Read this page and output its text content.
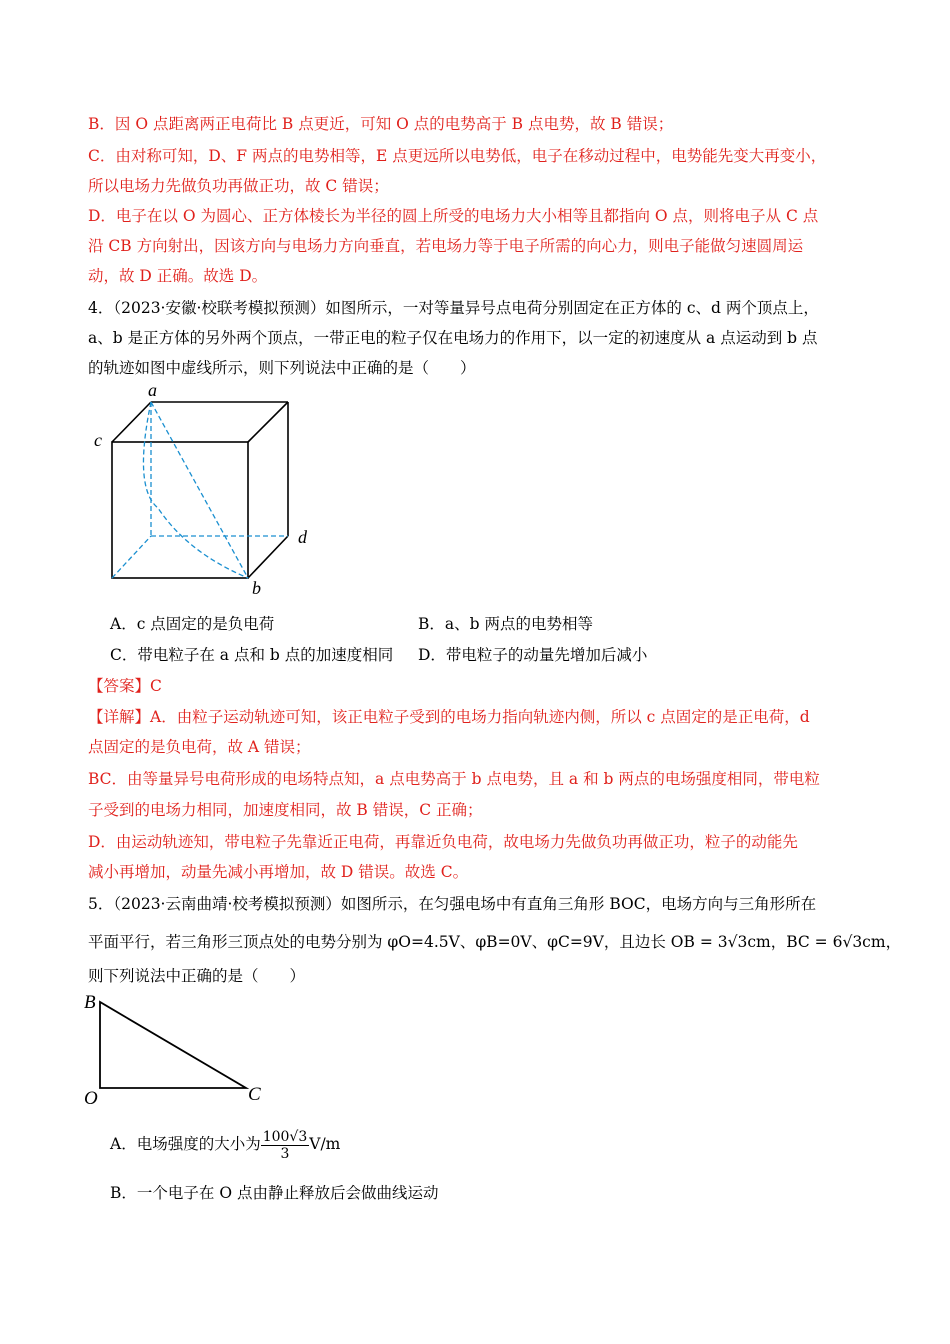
B．因 O 点距离两正电荷比 B 点更近，可知 O 点的电势高于 B 点电势，故 B 错误；
C．由对称可知，D、F 两点的电势相等，E 点更远所以电势低，电子在移动过程中，电势能先变大再变小，
所以电场力先做负功再做正功，故 C 错误；
D．电子在以 O 为圆心、正方体棱长为半径的圆上所受的电场力大小相等且都指向 O 点，则将电子从 C 点
沿 CB 方向射出，因该方向与电场力方向垂直，若电场力等于电子所需的向心力，则电子能做匀速圆周运
动，故 D 正确。故选 D。
4．（2023·安徽·校联考模拟预测）如图所示，一对等量异号点电荷分别固定在正方体的 c、d 两个顶点上，
a、b 是正方体的另外两个顶点，一带正电的粒子仅在电场力的作用下，以一定的初速度从 a 点运动到 b 点
的轨迹如图中虚线所示，则下列说法中正确的是（　　）
a
c
d
b
A．c 点固定的是负电荷	B．a、b 两点的电势相等
C．带电粒子在 a 点和 b 点的加速度相同 D．带电粒子的动量先增加后减小
【答案】C
【详解】A．由粒子运动轨迹可知，该正电粒子受到的电场力指向轨迹内侧，所以 c 点固定的是正电荷，d
点固定的是负电荷，故 A 错误；
BC．由等量异号电荷形成的电场特点知，a 点电势高于 b 点电势，且 a 和 b 两点的电场强度相同，带电粒
子受到的电场力相同，加速度相同，故 B 错误，C 正确；
D．由运动轨迹知，带电粒子先靠近正电荷，再靠近负电荷，故电场力先做负功再做正功，粒子的动能先
减小再增加，动量先减小再增加，故 D 错误。故选 C。
5．（2023·云南曲靖·校考模拟预测）如图所示，在匀强电场中有直角三角形 BOC，电场方向与三角形所在
平面平行，若三角形三顶点处的电势分别为 φO=4.5V、φB=0V、φC=9V，且边长 OB = 3√3cm，BC = 6√3cm，
则下列说法中正确的是（　　）
B
O	C
A．电场强度的大小为 $\frac{100√3}{3} V/m$
B．一个电子在 O 点由静止释放后会做曲线运动
